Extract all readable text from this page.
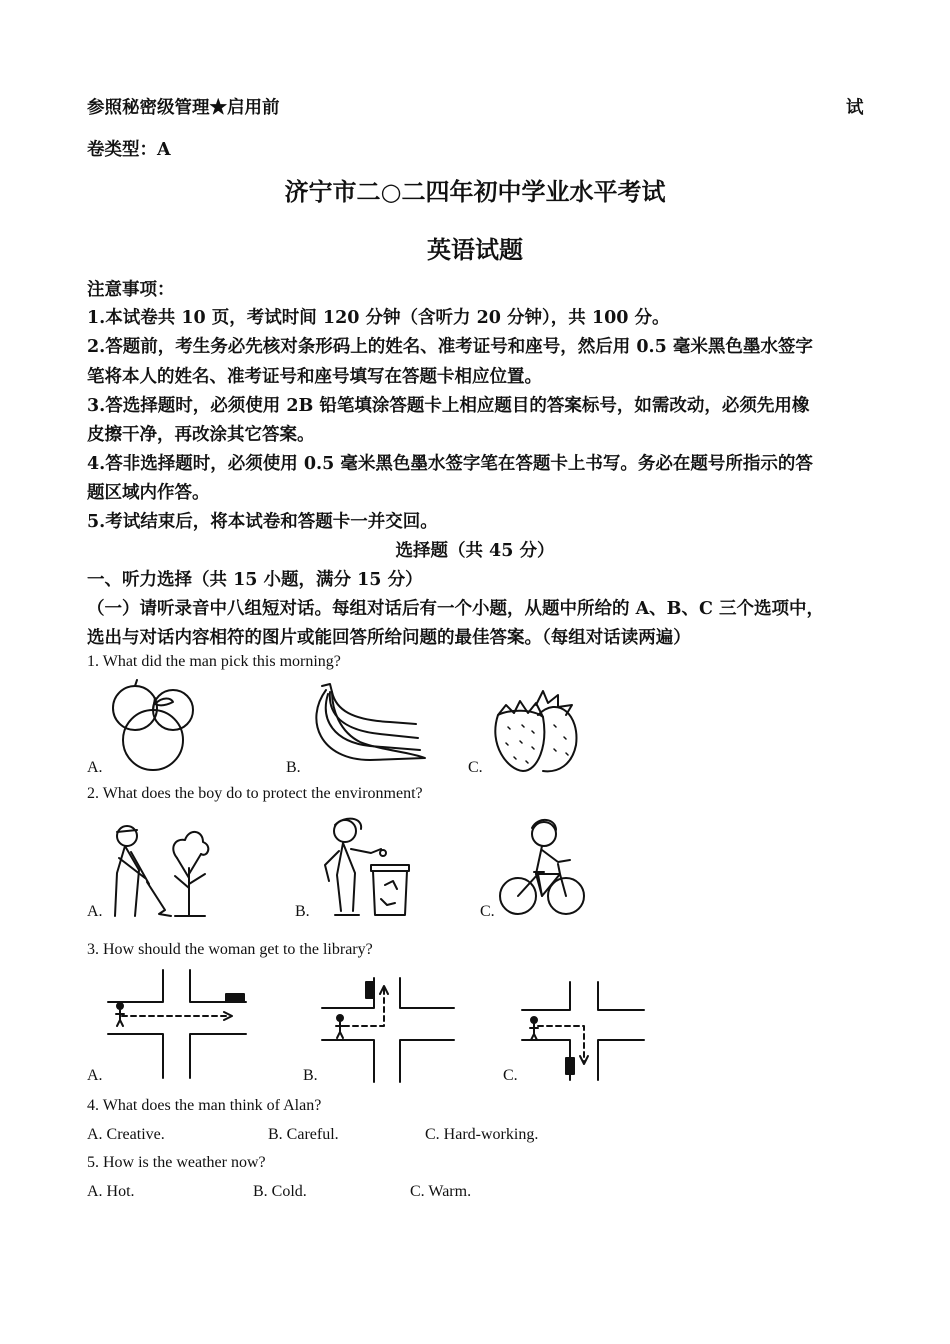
参照秘密级管理★启用前	试
卷类型：A
济宁市二○二四年初中学业水平考试
英语试题
注意事项：
1.本试卷共 10 页，考试时间 120 分钟（含听力 20 分钟），共 100 分。
2.答题前，考生务必先核对条形码上的姓名、准考证号和座号，然后用 0.5 毫米黑色墨水签字
笔将本人的姓名、准考证号和座号填写在答题卡相应位置。
3.答选择题时，必须使用 2B 铅笔填涂答题卡上相应题目的答案标号，如需改动，必须先用橡
皮擦干净，再改涂其它答案。
4.答非选择题时，必须使用 0.5 毫米黑色墨水签字笔在答题卡上书写。务必在题号所指示的答
题区域内作答。
5.考试结束后，将本试卷和答题卡一并交回。
选择题（共 45 分）
一、听力选择（共 15 小题，满分 15 分）
（一）请听录音中八组短对话。每组对话后有一个小题，从题中所给的 A、B、C 三个选项中，
选出与对话内容相符的图片或能回答所给问题的最佳答案。（每组对话读两遍）
1. What did the man pick this morning?
A.	B.	C.
2. What does the boy do to protect the environment?
A.	B.	C.
3. How should the woman get to the library?
A.	B.	C.
4. What does the man think of Alan?
A. Creative.	B. Careful.	C. Hard-working.
5. How is the weather now?
A. Hot.	B. Cold.	C. Warm.
